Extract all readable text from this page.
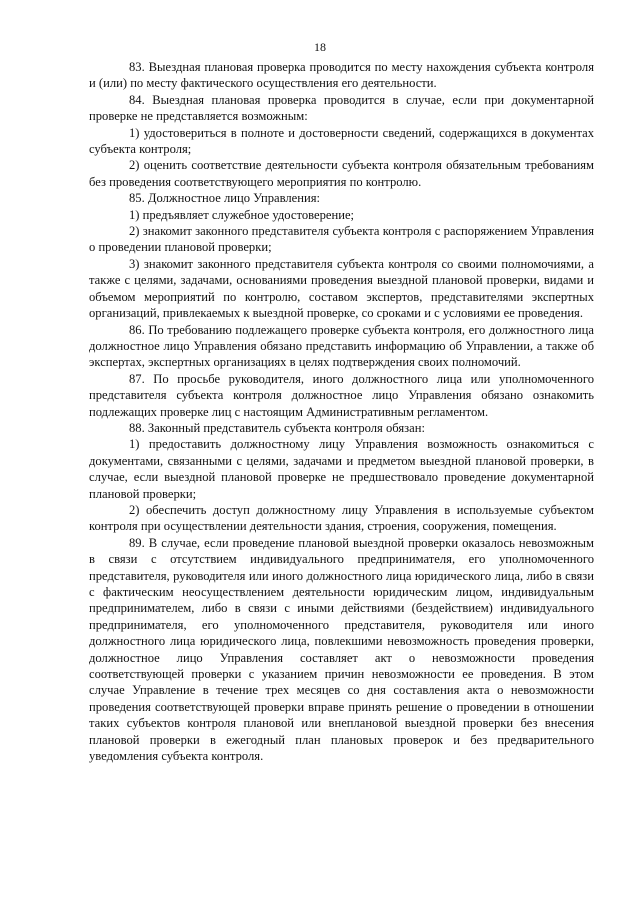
18

83. Выездная плановая проверка проводится по месту нахождения субъекта контроля и (или) по месту фактического осуществления его деятельности.

84. Выездная плановая проверка проводится в случае, если при документарной проверке не представляется возможным:

1) удостовериться в полноте и достоверности сведений, содержащихся в документах субъекта контроля;

2) оценить соответствие деятельности субъекта контроля обязательным требованиям без проведения соответствующего мероприятия по контролю.

85. Должностное лицо Управления:

1) предъявляет служебное удостоверение;

2) знакомит законного представителя субъекта контроля с распоряжением Управления о проведении плановой проверки;

3) знакомит законного представителя субъекта контроля со своими полномочиями, а также с целями, задачами, основаниями проведения выездной плановой проверки, видами и объемом мероприятий по контролю, составом экспертов, представителями экспертных организаций, привлекаемых к выездной проверке, со сроками и с условиями ее проведения.

86. По требованию подлежащего проверке субъекта контроля, его должностного лица должностное лицо Управления обязано представить информацию об Управлении, а также об экспертах, экспертных организациях в целях подтверждения своих полномочий.

87. По просьбе руководителя, иного должностного лица или уполномоченного представителя субъекта контроля должностное лицо Управления обязано ознакомить подлежащих проверке лиц с настоящим Административным регламентом.

88. Законный представитель субъекта контроля обязан:

1) предоставить должностному лицу Управления возможность ознакомиться с документами, связанными с целями, задачами и предметом выездной плановой проверки, в случае, если выездной плановой проверке не предшествовало проведение документарной плановой проверки;

2) обеспечить доступ должностному лицу Управления в используемые субъектом контроля при осуществлении деятельности здания, строения, сооружения, помещения.

89. В случае, если проведение плановой выездной проверки оказалось невозможным в связи с отсутствием индивидуального предпринимателя, его уполномоченного представителя, руководителя или иного должностного лица юридического лица, либо в связи с фактическим неосуществлением деятельности юридическим лицом, индивидуальным предпринимателем, либо в связи с иными действиями (бездействием) индивидуального предпринимателя, его уполномоченного представителя, руководителя или иного должностного лица юридического лица, повлекшими невозможность проведения проверки, должностное лицо Управления составляет акт о невозможности проведения соответствующей проверки с указанием причин невозможности ее проведения. В этом случае Управление в течение трех месяцев со дня составления акта о невозможности проведения соответствующей проверки вправе принять решение о проведении в отношении таких субъектов контроля плановой или внеплановой выездной проверки без внесения плановой проверки в ежегодный план плановых проверок и без предварительного уведомления субъекта контроля.
